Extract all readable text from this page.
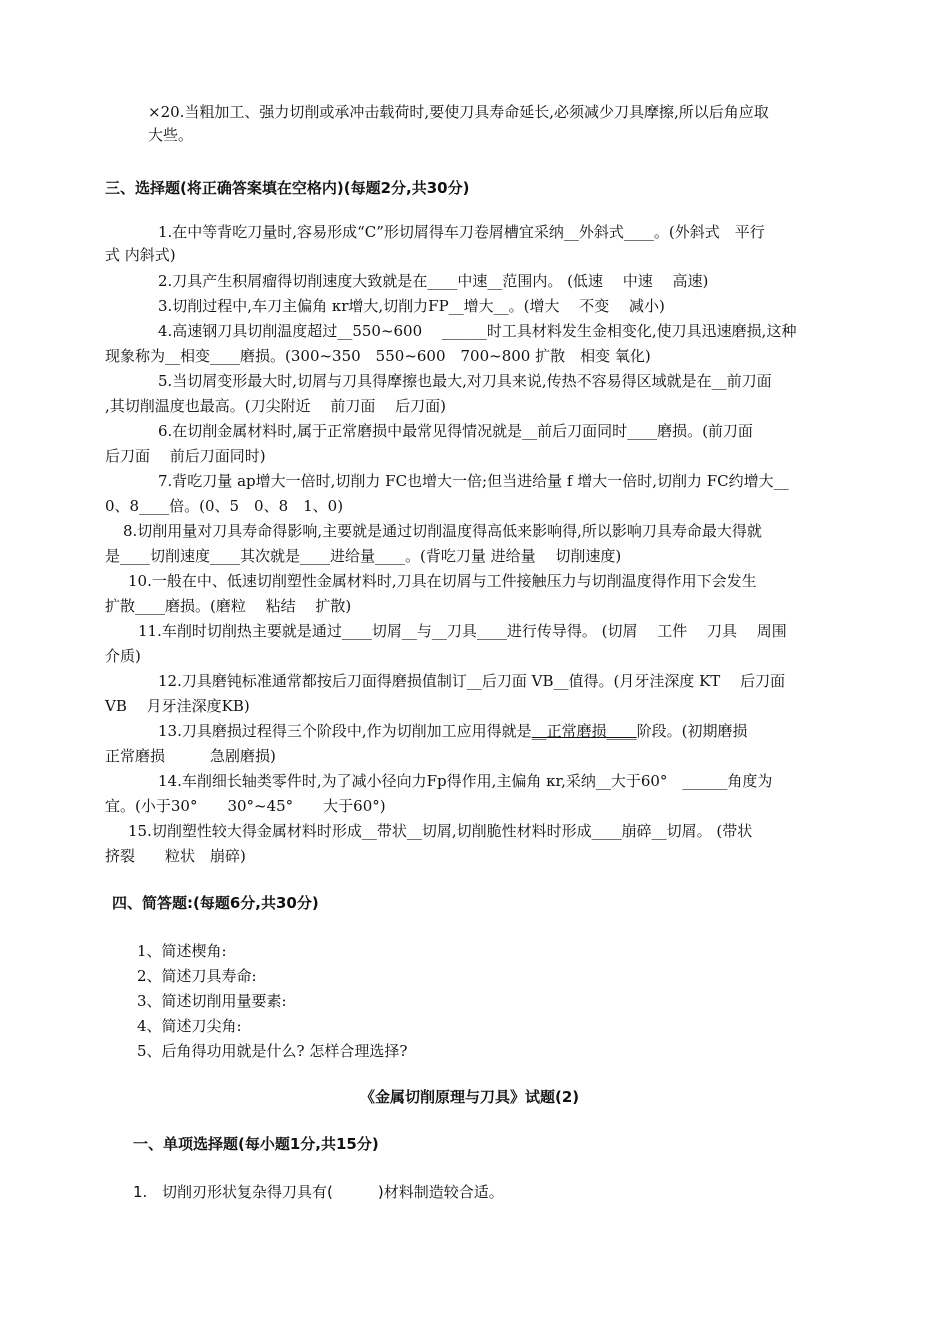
×20.当粗加工、强力切削或承冲击载荷时,要使刀具寿命延长,必须减少刀具摩擦,所以后角应取
大些。
三、选择题(将正确答案填在空格内)(每题2分,共30分)
1.在中等背吃刀量时,容易形成“C”形切屑得车刀卷屑槽宜采纳__外斜式____。(外斜式　平行
式 内斜式)
2.刀具产生积屑瘤得切削速度大致就是在____中速__范围内。 (低速　 中速　 高速)
3.切削过程中,车刀主偏角 κr增大,切削力FP__增大__。(增大　 不变　 减小)
4.高速钢刀具切削温度超过__550~600　 ______时工具材料发生金相变化,使刀具迅速磨损,这种
现象称为__相变____磨损。(300~350　550~600　700~800 扩散　相变 氧化)
5.当切屑变形最大时,切屑与刀具得摩擦也最大,对刀具来说,传热不容易得区域就是在__前刀面
,其切削温度也最高。(刀尖附近　 前刀面　 后刀面)
6.在切削金属材料时,属于正常磨损中最常见得情况就是__前后刀面同时____磨损。(前刀面
后刀面　 前后刀面同时)
7.背吃刀量 ap增大一倍时,切削力 FC也增大一倍;但当进给量 f 增大一倍时,切削力 FC约增大__
0、8____倍。(0、5　0、8　1、0)
8.切削用量对刀具寿命得影响,主要就是通过切削温度得高低来影响得,所以影响刀具寿命最大得就
是____切削速度____其次就是____进给量____。(背吃刀量 进给量　 切削速度)
10.一般在中、低速切削塑性金属材料时,刀具在切屑与工件接触压力与切削温度得作用下会发生
扩散____磨损。(磨粒　 粘结　 扩散)
11.车削时切削热主要就是通过____切屑__与__刀具____进行传导得。 (切屑　 工件　 刀具　 周围
介质)
12.刀具磨钝标准通常都按后刀面得磨损值制订__后刀面 VB__值得。(月牙洼深度 KT　 后刀面
VB　 月牙洼深度KB)
13.刀具磨损过程得三个阶段中,作为切削加工应用得就是__正常磨损____阶段。(初期磨损
正常磨损　　　急剧磨损)
14.车削细长轴类零件时,为了减小径向力Fp得作用,主偏角 κr,采纳__大于60°　______角度为
宜。(小于30°　　30°~45°　　大于60°)
15.切削塑性较大得金属材料时形成__带状__切屑,切削脆性材料时形成____崩碎__切屑。 (带状
挤裂　　粒状　崩碎)
四、简答题:(每题6分,共30分)
1、简述楔角:
2、简述刀具寿命:
3、简述切削用量要素:
4、简述刀尖角:
5、后角得功用就是什么? 怎样合理选择?
《金属切削原理与刀具》试题(2)
一、单项选择题(每小题1分,共15分)
1. 切削刃形状复杂得刀具有(　　　)材料制造较合适。
